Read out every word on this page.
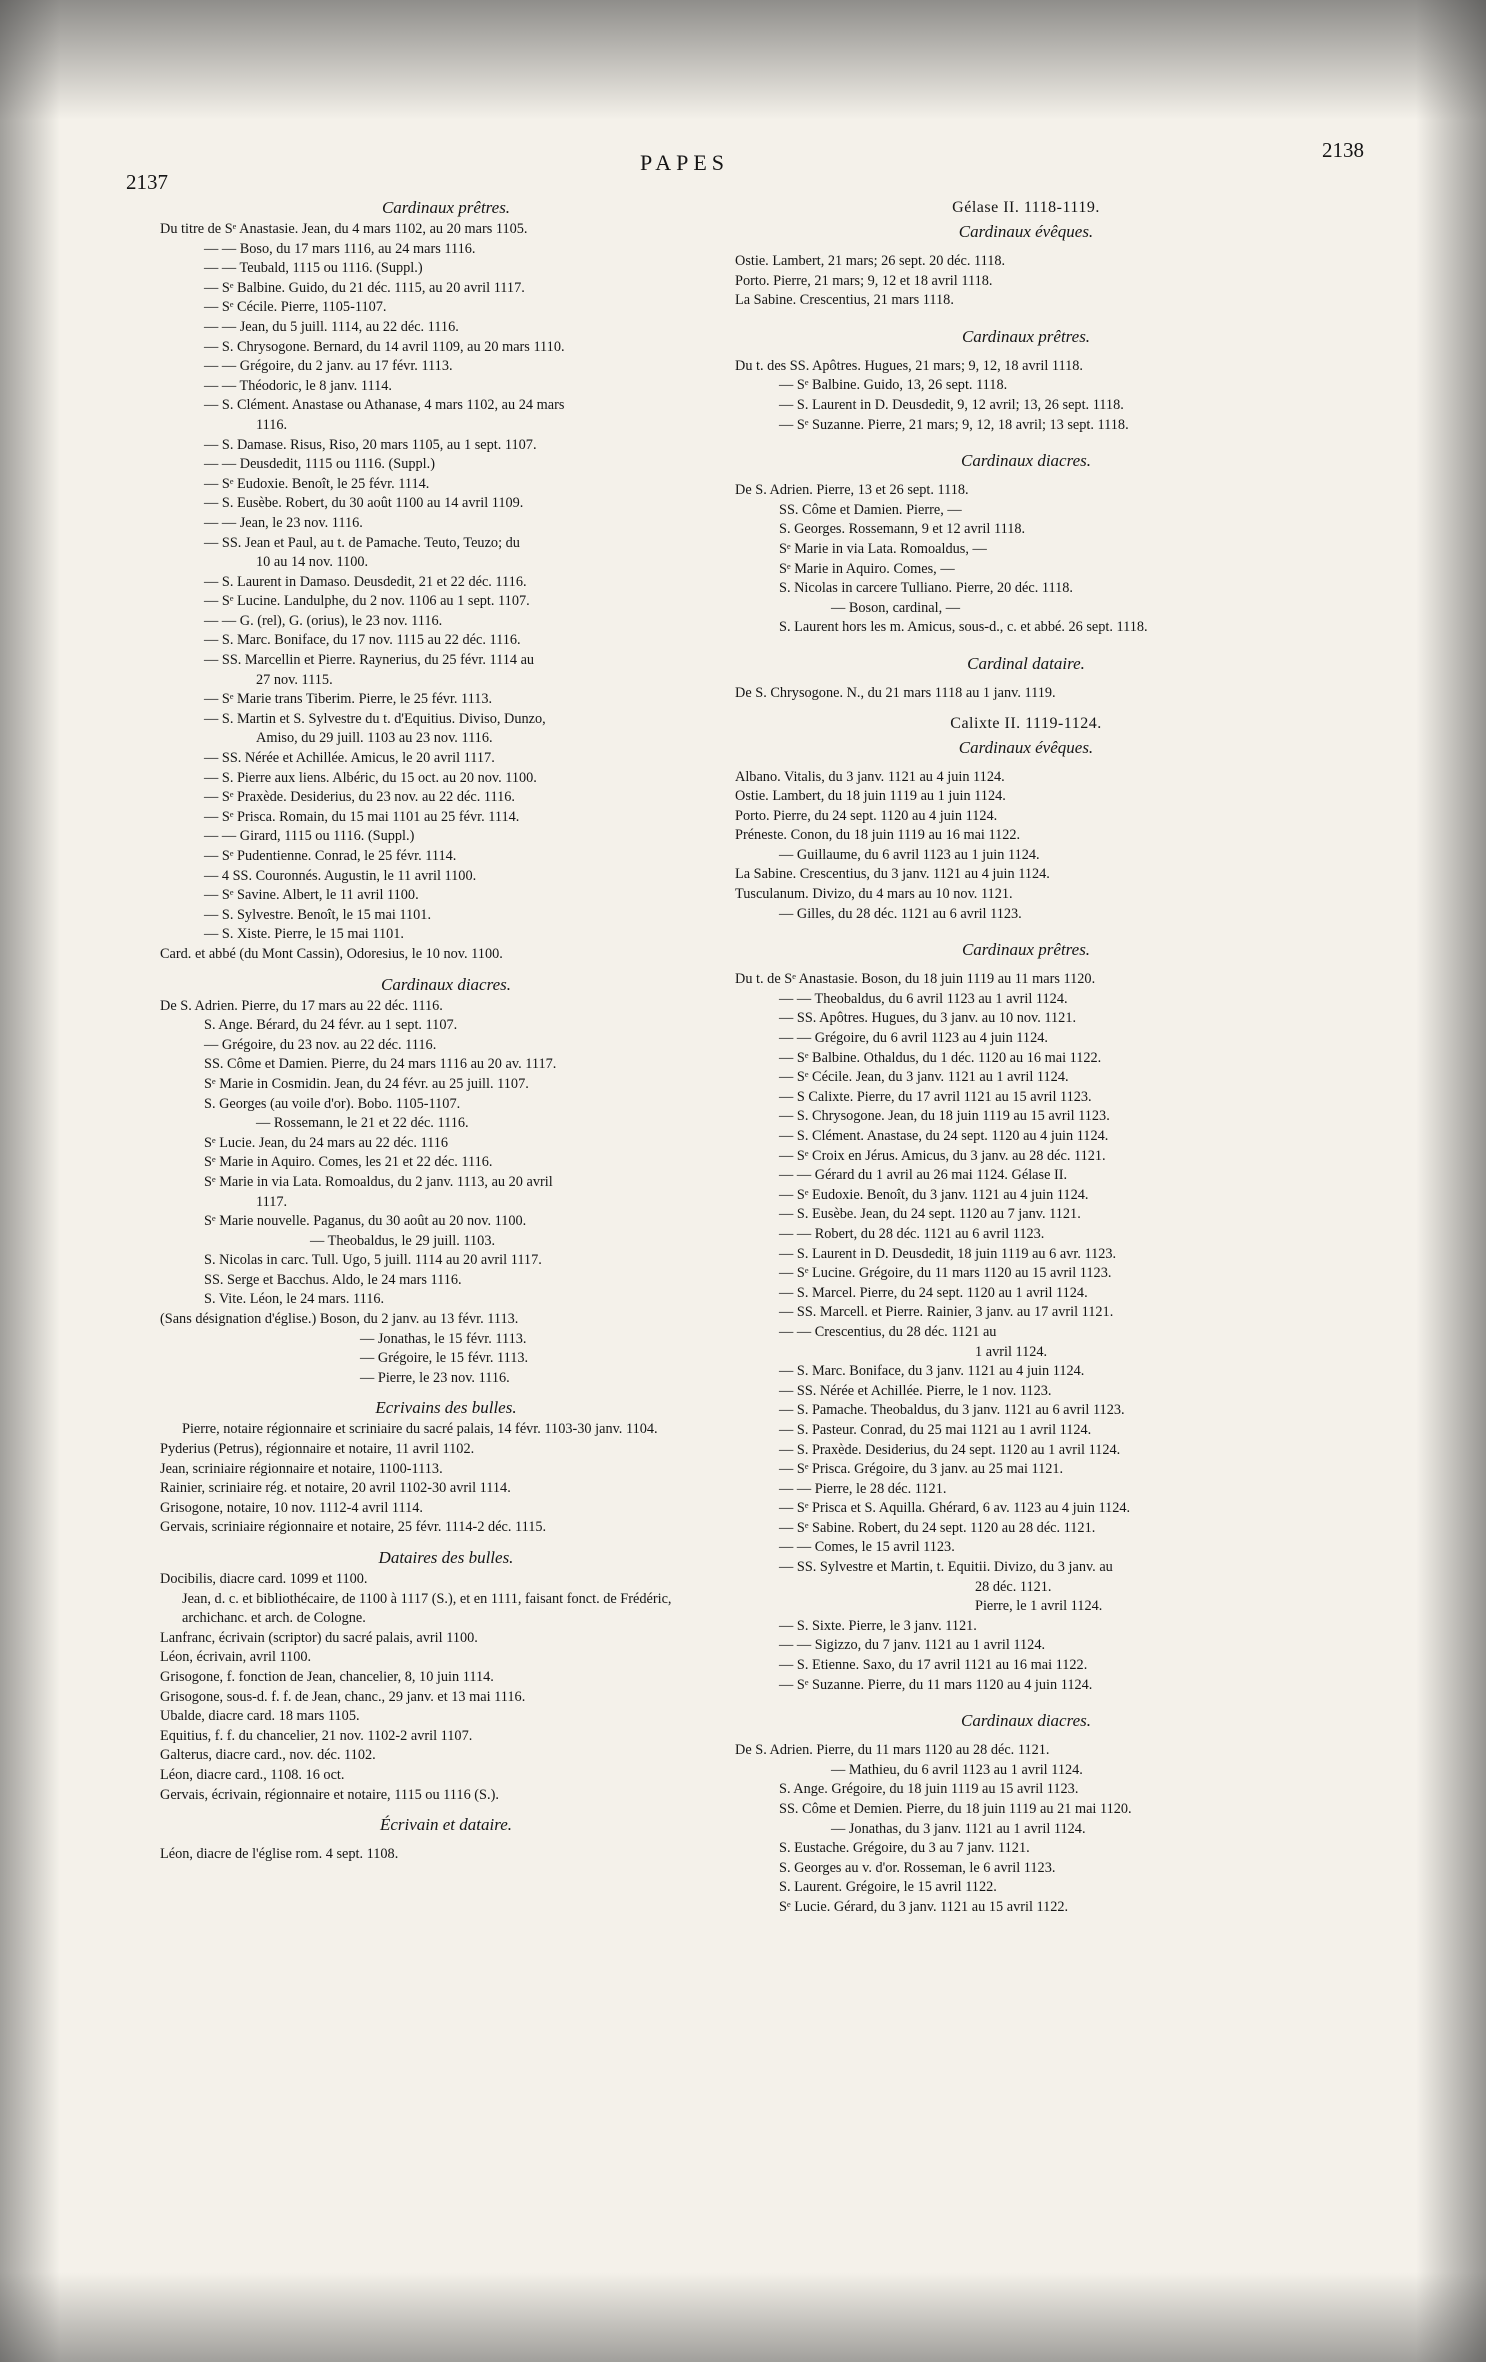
2137
PAPES	2138
Cardinaux prêtres.
Du titre de Sᵉ Anastasie. Jean, du 4 mars 1102, au 20 mars 1105.
— — Boso, du 17 mars 1116, au 24 mars 1116.
— — Teubald, 1115 ou 1116. (Suppl.)
— Sᵉ Balbine. Guido, du 21 déc. 1115, au 20 avril 1117.
— Sᵉ Cécile. Pierre, 1105-1107.
— — Jean, du 5 juill. 1114, au 22 déc. 1116.
— S. Chrysogone. Bernard, du 14 avril 1109, au 20 mars 1110.
— — Grégoire, du 2 janv. au 17 févr. 1113.
— — Théodoric, le 8 janv. 1114.
— S. Clément. Anastase ou Athanase, 4 mars 1102, au 24 mars
1116.
— S. Damase. Risus, Riso, 20 mars 1105, au 1 sept. 1107.
— — Deusdedit, 1115 ou 1116. (Suppl.)
— Sᵉ Eudoxie. Benoît, le 25 févr. 1114.
— S. Eusèbe. Robert, du 30 août 1100 au 14 avril 1109.
— — Jean, le 23 nov. 1116.
— SS. Jean et Paul, au t. de Pamache. Teuto, Teuzo; du
10 au 14 nov. 1100.
— S. Laurent in Damaso. Deusdedit, 21 et 22 déc. 1116.
— Sᵉ Lucine. Landulphe, du 2 nov. 1106 au 1 sept. 1107.
— — G. (rel), G. (orius), le 23 nov. 1116.
— S. Marc. Boniface, du 17 nov. 1115 au 22 déc. 1116.
— SS. Marcellin et Pierre. Raynerius, du 25 févr. 1114 au
27 nov. 1115.
— Sᵉ Marie trans Tiberim. Pierre, le 25 févr. 1113.
— S. Martin et S. Sylvestre du t. d'Equitius. Diviso, Dunzo,
Amiso, du 29 juill. 1103 au 23 nov. 1116.
— SS. Nérée et Achillée. Amicus, le 20 avril 1117.
— S. Pierre aux liens. Albéric, du 15 oct. au 20 nov. 1100.
— Sᵉ Praxède. Desiderius, du 23 nov. au 22 déc. 1116.
— Sᵉ Prisca. Romain, du 15 mai 1101 au 25 févr. 1114.
— — Girard, 1115 ou 1116. (Suppl.)
— Sᵉ Pudentienne. Conrad, le 25 févr. 1114.
— 4 SS. Couronnés. Augustin, le 11 avril 1100.
— Sᵉ Savine. Albert, le 11 avril 1100.
— S. Sylvestre. Benoît, le 15 mai 1101.
— S. Xiste. Pierre, le 15 mai 1101.
Card. et abbé (du Mont Cassin), Odoresius, le 10 nov. 1100.
Cardinaux diacres.
De S. Adrien. Pierre, du 17 mars au 22 déc. 1116.
S. Ange. Bérard, du 24 févr. au 1 sept. 1107.
— Grégoire, du 23 nov. au 22 déc. 1116.
SS. Côme et Damien. Pierre, du 24 mars 1116 au 20 av. 1117.
Sᵉ Marie in Cosmidin. Jean, du 24 févr. au 25 juill. 1107.
S. Georges (au voile d'or). Bobo. 1105-1107.
— Rossemann, le 21 et 22 déc. 1116.
Sᵉ Lucie. Jean, du 24 mars au 22 déc. 1116
Sᵉ Marie in Aquiro. Comes, les 21 et 22 déc. 1116.
Sᵉ Marie in via Lata. Romoaldus, du 2 janv. 1113, au 20 avril
1117.
Sᵉ Marie nouvelle. Paganus, du 30 août au 20 nov. 1100.
— Theobaldus, le 29 juill. 1103.
S. Nicolas in carc. Tull. Ugo, 5 juill. 1114 au 20 avril 1117.
SS. Serge et Bacchus. Aldo, le 24 mars 1116.
S. Vite. Léon, le 24 mars. 1116.
(Sans désignation d'église.) Boson, du 2 janv. au 13 févr. 1113.
— Jonathas, le 15 févr. 1113.
— Grégoire, le 15 févr. 1113.
— Pierre, le 23 nov. 1116.
Ecrivains des bulles.
Pierre, notaire régionnaire et scriniaire du sacré palais, 14 févr. 1103-30 janv. 1104.
Pyderius (Petrus), régionnaire et notaire, 11 avril 1102.
Jean, scriniaire régionnaire et notaire, 1100-1113.
Rainier, scriniaire rég. et notaire, 20 avril 1102-30 avril 1114.
Grisogone, notaire, 10 nov. 1112-4 avril 1114.
Gervais, scriniaire régionnaire et notaire, 25 févr. 1114-2 déc. 1115.
Dataires des bulles.
Docibilis, diacre card. 1099 et 1100.
Jean, d. c. et bibliothécaire, de 1100 à 1117 (S.), et en 1111, faisant fonct. de Frédéric, archichanc. et arch. de Cologne.
Lanfranc, écrivain (scriptor) du sacré palais, avril 1100.
Léon, écrivain, avril 1100.
Grisogone, f. fonction de Jean, chancelier, 8, 10 juin 1114.
Grisogone, sous-d. f. f. de Jean, chanc., 29 janv. et 13 mai 1116.
Ubalde, diacre card. 18 mars 1105.
Equitius, f. f. du chancelier, 21 nov. 1102-2 avril 1107.
Galterus, diacre card., nov. déc. 1102.
Léon, diacre card., 1108. 16 oct.
Gervais, écrivain, régionnaire et notaire, 1115 ou 1116 (S.).
Écrivain et dataire.
Léon, diacre de l'église rom. 4 sept. 1108.
Gélase II. 1118-1119.
Cardinaux évêques.
Ostie. Lambert, 21 mars; 26 sept. 20 déc. 1118.
Porto. Pierre, 21 mars; 9, 12 et 18 avril 1118.
La Sabine. Crescentius, 21 mars 1118.
Cardinaux prêtres.
Du t. des SS. Apôtres. Hugues, 21 mars; 9, 12, 18 avril 1118.
— Sᵉ Balbine. Guido, 13, 26 sept. 1118.
— S. Laurent in D. Deusdedit, 9, 12 avril; 13, 26 sept. 1118.
— Sᵉ Suzanne. Pierre, 21 mars; 9, 12, 18 avril; 13 sept. 1118.
Cardinaux diacres.
De S. Adrien. Pierre, 13 et 26 sept. 1118.
SS. Côme et Damien. Pierre, —
S. Georges. Rossemann, 9 et 12 avril 1118.
Sᵉ Marie in via Lata. Romoaldus, —
Sᵉ Marie in Aquiro. Comes, —
S. Nicolas in carcere Tulliano. Pierre, 20 déc. 1118.
— Boson, cardinal, —
S. Laurent hors les m. Amicus, sous-d., c. et abbé. 26 sept. 1118.
Cardinal dataire.
De S. Chrysogone. N., du 21 mars 1118 au 1 janv. 1119.
Calixte II. 1119-1124.
Cardinaux évêques.
Albano. Vitalis, du 3 janv. 1121 au 4 juin 1124.
Ostie. Lambert, du 18 juin 1119 au 1 juin 1124.
Porto. Pierre, du 24 sept. 1120 au 4 juin 1124.
Préneste. Conon, du 18 juin 1119 au 16 mai 1122.
— Guillaume, du 6 avril 1123 au 1 juin 1124.
La Sabine. Crescentius, du 3 janv. 1121 au 4 juin 1124.
Tusculanum. Divizo, du 4 mars au 10 nov. 1121.
— Gilles, du 28 déc. 1121 au 6 avril 1123.
Cardinaux prêtres.
Du t. de Sᵉ Anastasie. Boson, du 18 juin 1119 au 11 mars 1120.
— — Theobaldus, du 6 avril 1123 au 1 avril 1124.
— SS. Apôtres. Hugues, du 3 janv. au 10 nov. 1121.
— — Grégoire, du 6 avril 1123 au 4 juin 1124.
— Sᵉ Balbine. Othaldus, du 1 déc. 1120 au 16 mai 1122.
— Sᵉ Cécile. Jean, du 3 janv. 1121 au 1 avril 1124.
— S Calixte. Pierre, du 17 avril 1121 au 15 avril 1123.
— S. Chrysogone. Jean, du 18 juin 1119 au 15 avril 1123.
— S. Clément. Anastase, du 24 sept. 1120 au 4 juin 1124.
— Sᵉ Croix en Jérus. Amicus, du 3 janv. au 28 déc. 1121.
— — Gérard du 1 avril au 26 mai 1124. Gélase II.
— Sᵉ Eudoxie. Benoît, du 3 janv. 1121 au 4 juin 1124.
— S. Eusèbe. Jean, du 24 sept. 1120 au 7 janv. 1121.
— — Robert, du 28 déc. 1121 au 6 avril 1123.
— S. Laurent in D. Deusdedit, 18 juin 1119 au 6 avr. 1123.
— Sᵉ Lucine. Grégoire, du 11 mars 1120 au 15 avril 1123.
— S. Marcel. Pierre, du 24 sept. 1120 au 1 avril 1124.
— SS. Marcell. et Pierre. Rainier, 3 janv. au 17 avril 1121.
— — Crescentius, du 28 déc. 1121 au
1 avril 1124.
— S. Marc. Boniface, du 3 janv. 1121 au 4 juin 1124.
— SS. Nérée et Achillée. Pierre, le 1 nov. 1123.
— S. Pamache. Theobaldus, du 3 janv. 1121 au 6 avril 1123.
— S. Pasteur. Conrad, du 25 mai 1121 au 1 avril 1124.
— S. Praxède. Desiderius, du 24 sept. 1120 au 1 avril 1124.
— Sᵉ Prisca. Grégoire, du 3 janv. au 25 mai 1121.
— — Pierre, le 28 déc. 1121.
— Sᵉ Prisca et S. Aquilla. Ghérard, 6 av. 1123 au 4 juin 1124.
— Sᵉ Sabine. Robert, du 24 sept. 1120 au 28 déc. 1121.
— — Comes, le 15 avril 1123.
— SS. Sylvestre et Martin, t. Equitii. Divizo, du 3 janv. au
28 déc. 1121.
Pierre, le 1 avril 1124.
— S. Sixte. Pierre, le 3 janv. 1121.
— — Sigizzo, du 7 janv. 1121 au 1 avril 1124.
— S. Etienne. Saxo, du 17 avril 1121 au 16 mai 1122.
— Sᵉ Suzanne. Pierre, du 11 mars 1120 au 4 juin 1124.
Cardinaux diacres.
De S. Adrien. Pierre, du 11 mars 1120 au 28 déc. 1121.
— Mathieu, du 6 avril 1123 au 1 avril 1124.
S. Ange. Grégoire, du 18 juin 1119 au 15 avril 1123.
SS. Côme et Demien. Pierre, du 18 juin 1119 au 21 mai 1120.
— Jonathas, du 3 janv. 1121 au 1 avril 1124.
S. Eustache. Grégoire, du 3 au 7 janv. 1121.
S. Georges au v. d'or. Rosseman, le 6 avril 1123.
S. Laurent. Grégoire, le 15 avril 1122.
Sᵉ Lucie. Gérard, du 3 janv. 1121 au 15 avril 1122.
